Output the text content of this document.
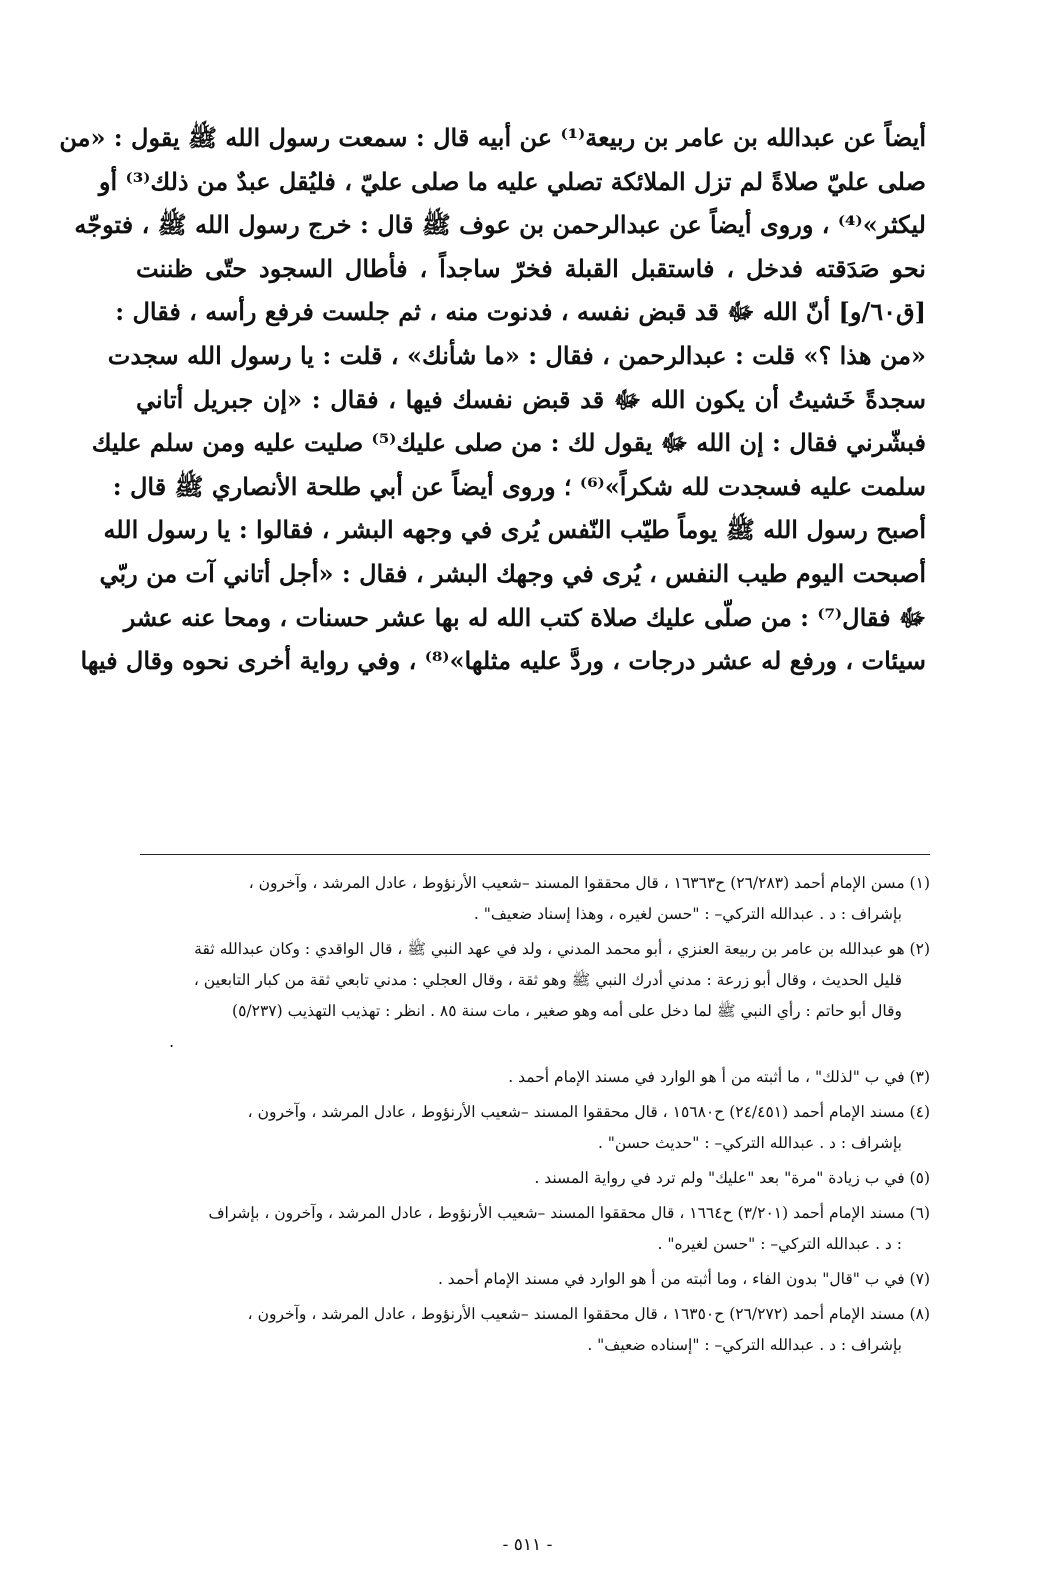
أيضاً عن عبدالله بن عامر بن ربيعة⁽¹⁾ عن أبيه قال : سمعت رسول الله ﷺ يقول : «من
صلى عليّ صلاةً لم تزل الملائكة تصلي عليه ما صلى عليّ ، فليُقل عبدٌ من ذلك⁽³⁾ أو
ليكثر»⁽⁴⁾ ، وروى أيضاً عن عبدالرحمن بن عوف ﷺ قال : خرج رسول الله ﷺ ، فتوجّه
نحو صَدَقته فدخل ، فاستقبل القبلة فخرّ ساجداً ، فأطال السجود حتّى ظننت
[ق٦٠/و] أنّ الله ﷻ قد قبض نفسه ، فدنوت منه ، ثم جلست فرفع رأسه ، فقال :
«من هذا ؟» قلت : عبدالرحمن ، فقال : «ما شأنك» ، قلت : يا رسول الله سجدت
سجدةً خَشيتُ أن يكون الله ﷻ قد قبض نفسك فيها ، فقال : «إن جبريل أتاني
فبشّرني فقال : إن الله ﷻ يقول لك : من صلى عليك⁽⁵⁾ صليت عليه ومن سلم عليك
سلمت عليه فسجدت لله شكراً»⁽⁶⁾ ؛ وروى أيضاً عن أبي طلحة الأنصاري ﷺ قال :
أصبح رسول الله ﷺ يوماً طيّب النّفس يُرى في وجهه البشر ، فقالوا : يا رسول الله
أصبحت اليوم طيب النفس ، يُرى في وجهك البشر ، فقال : «أجل أتاني آت من ربّي
ﷻ فقال⁽⁷⁾ : من صلّى عليك صلاة كتب الله له بها عشر حسنات ، ومحا عنه عشر
سيئات ، ورفع له عشر درجات ، وردَّ عليه مثلها»⁽⁸⁾ ، وفي رواية أخرى نحوه وقال فيها
(١) مسن الإمام أحمد (٢٦/٢٨٣) ح١٦٣٦٣ ، قال محققوا المسند –شعيب الأرنؤوط ، عادل المرشد ، وآخرون ،
بإشراف : د . عبدالله التركي– : "حسن لغيره ، وهذا إسناد ضعيف" .
(٢) هو عبدالله بن عامر بن ربيعة العنزي ، أبو محمد المدني ، ولد في عهد النبي ﷺ ، قال الواقدي : وكان عبدالله ثقة
قليل الحديث ، وقال أبو زرعة : مدني أدرك النبي ﷺ وهو ثقة ، وقال العجلي : مدني تابعي ثقة من كبار التابعين ،
وقال أبو حاتم : رأي النبي ﷺ لما دخل على أمه وهو صغير ، مات سنة ٨٥ . انظر : تهذيب التهذيب (٥/٢٣٧)
.
(٣) في ب "لذلك" ، ما أثبته من أ هو الوارد في مسند الإمام أحمد .
(٤) مسند الإمام أحمد (٢٤/٤٥١) ح١٥٦٨٠ ، قال محققوا المسند –شعيب الأرنؤوط ، عادل المرشد ، وآخرون ،
بإشراف : د . عبدالله التركي– : "حديث حسن" .
(٥) في ب زيادة "مرة" بعد "عليك" ولم ترد في رواية المسند .
(٦) مسند الإمام أحمد (٣/٢٠١) ح١٦٦٤ ، قال محققوا المسند –شعيب الأرنؤوط ، عادل المرشد ، وآخرون ، بإشراف
: د . عبدالله التركي– : "حسن لغيره" .
(٧) في ب "قال" بدون الفاء ، وما أثبته من أ هو الوارد في مسند الإمام أحمد .
(٨) مسند الإمام أحمد (٢٦/٢٧٢) ح١٦٣٥٠ ، قال محققوا المسند –شعيب الأرنؤوط ، عادل المرشد ، وآخرون ،
بإشراف : د . عبدالله التركي– : "إسناده ضعيف" .
- ٥١١ -
